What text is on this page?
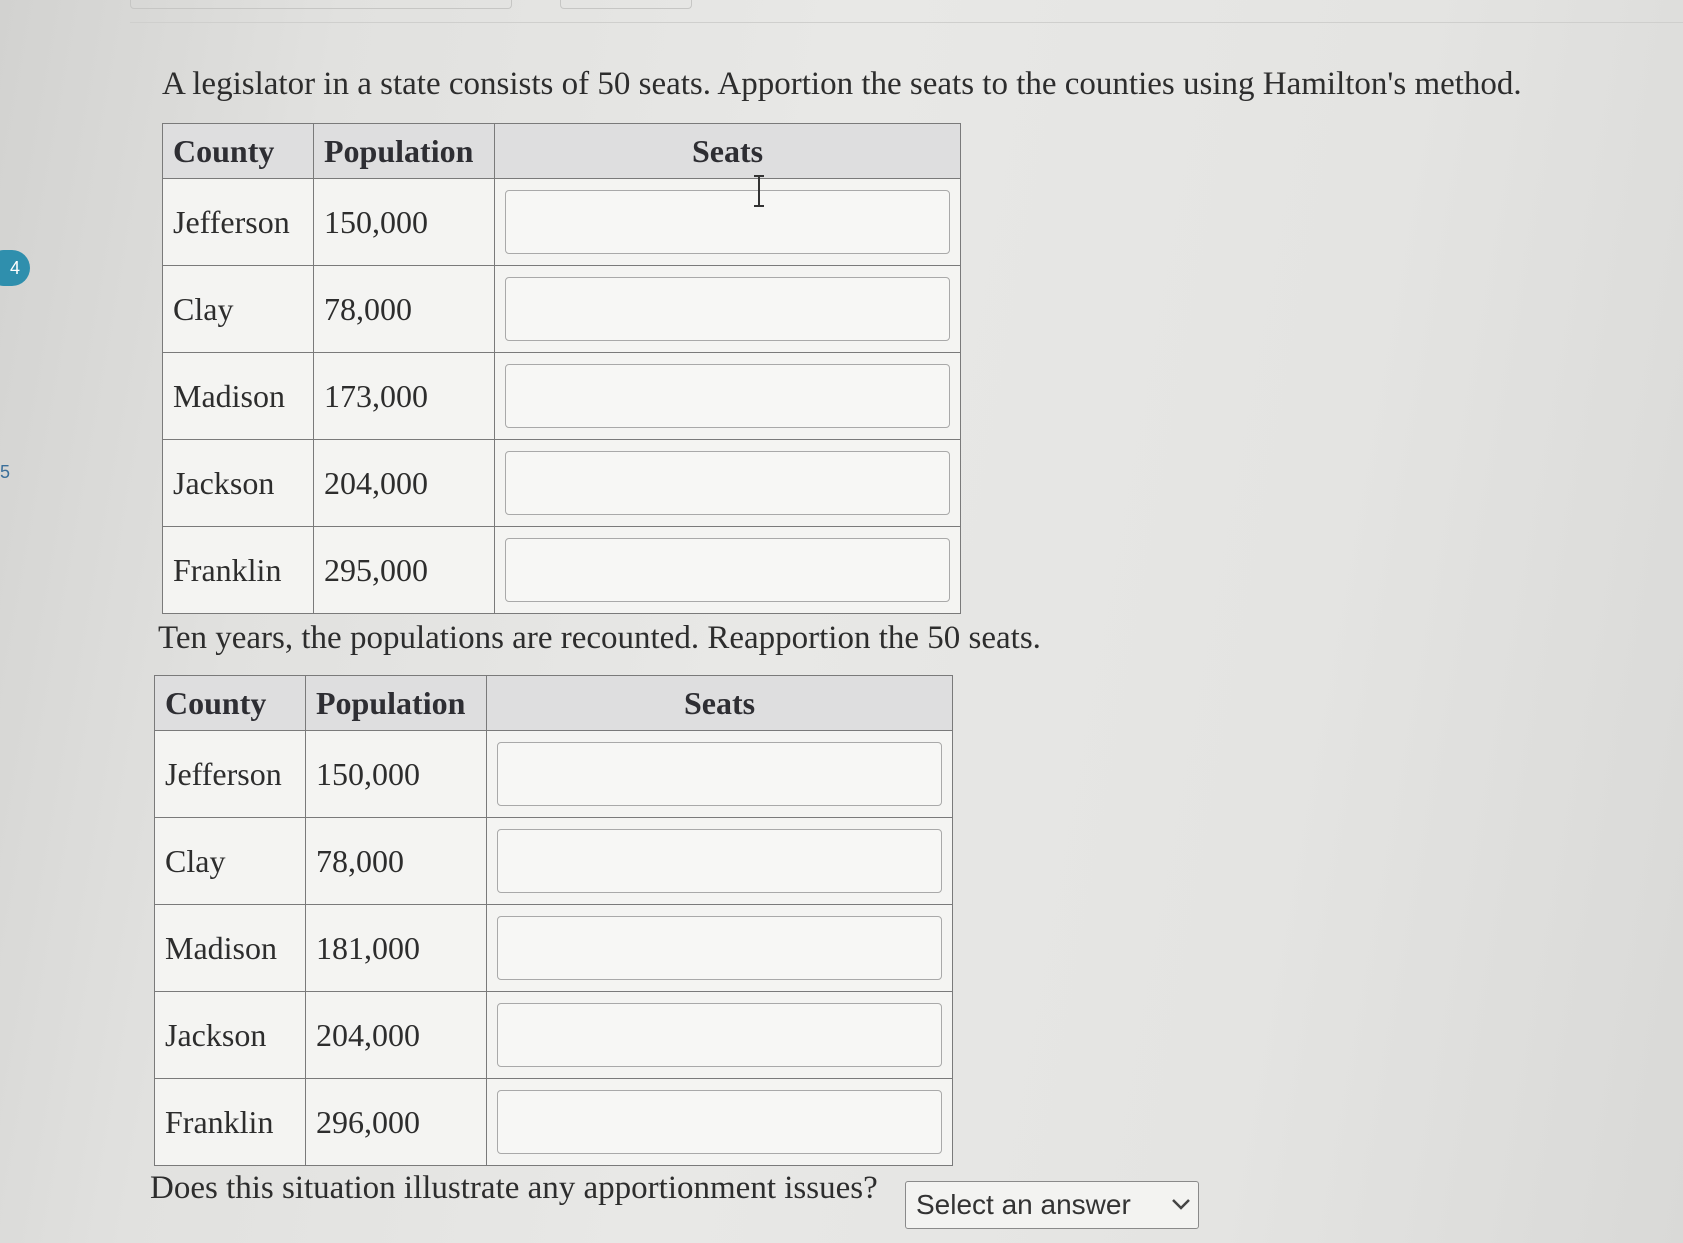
4
5
A legislator in a state consists of 50 seats. Apportion the seats to the counties using Hamilton's method.
County	Population	Seats
Jefferson	150,000	
Clay	78,000	
Madison	173,000	
Jackson	204,000	
Franklin	295,000	
Ten years, the populations are recounted. Reapportion the 50 seats.
County	Population	Seats
Jefferson	150,000	
Clay	78,000	
Madison	181,000	
Jackson	204,000	
Franklin	296,000	
Does this situation illustrate any apportionment issues? Select an answer
